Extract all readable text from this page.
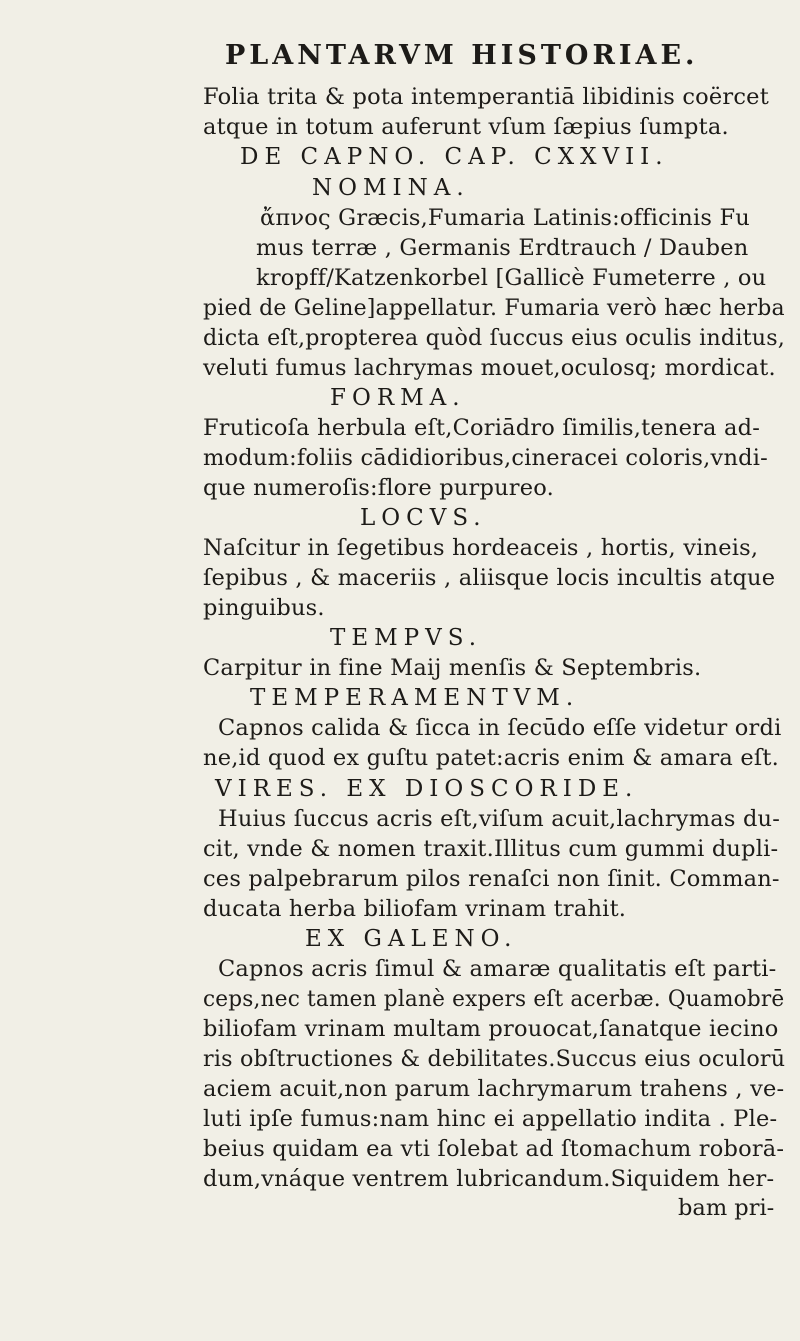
PLANTARVM HISTORIAE.
Folia trita & pota intemperantiā libidinis coërcet
atque in totum auferunt vſum ſæpius ſumpta.
DE CAPNO. CAP. CXXVII.
NOMINA.
ἄπνος Græcis,Fumaria Latinis:officinis Fu
mus terræ , Germanis Erdtrauch / Dauben
kropff/Katzenkorbel [Gallicè Fumeterre , ou
pied de Geline]appellatur. Fumaria verò hæc herba
dicta eſt,propterea quòd ſuccus eius oculis inditus,
veluti fumus lachrymas mouet,oculosq; mordicat.
FORMA.
Fruticoſa herbula eſt,Coriādro ſimilis,tenera ad-
modum:foliis cādidioribus,cineracei coloris,vndi-
que numeroſis:flore purpureo.
LOCVS.
Naſcitur in ſegetibus hordeaceis , hortis, vineis,
ſepibus , & maceriis , aliisque locis incultis atque
pinguibus.
TEMPVS.
Carpitur in fine Maij menſis & Septembris.
TEMPERAMENTVM.
Capnos calida & ſicca in ſecūdo eſſe videtur ordi
ne,id quod ex guſtu patet:acris enim & amara eſt.
VIRES. EX DIOSCORIDE.
Huius ſuccus acris eſt,viſum acuit,lachrymas du-
cit, vnde & nomen traxit.Illitus cum gummi dupli-
ces palpebrarum pilos renaſci non ſinit. Comman-
ducata herba biliofam vrinam trahit.
EX GALENO.
Capnos acris ſimul & amaræ qualitatis eſt parti-
ceps,nec tamen planè expers eſt acerbæ. Quamobrē
biliofam vrinam multam prouocat,ſanatque iecino
ris obſtructiones & debilitates.Succus eius oculorū
aciem acuit,non parum lachrymarum trahens , ve-
luti ipſe fumus:nam hinc ei appellatio indita . Ple-
beius quidam ea vti ſolebat ad ſtomachum roborā-
dum,vnáque ventrem lubricandum.Siquidem her-
bam pri-
